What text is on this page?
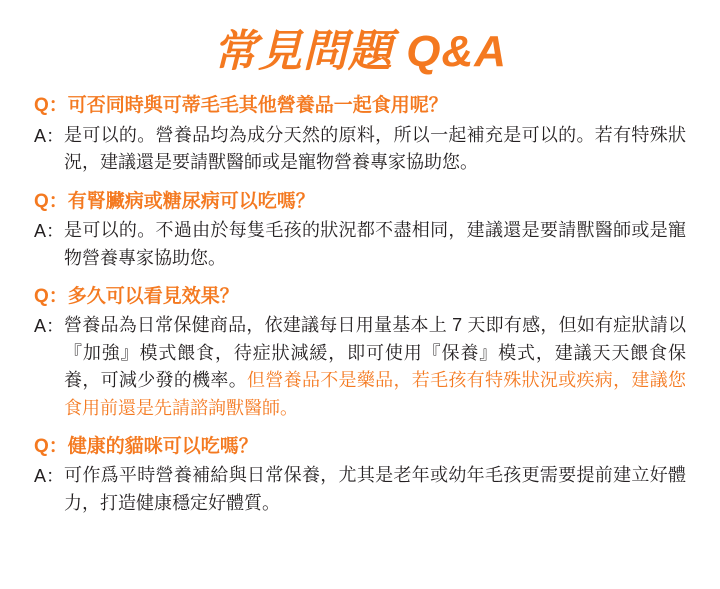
常見問題 Q&A
Q： 可否同時與可蒂毛毛其他營養品一起食用呢？
A： 是可以的。營養品均為成分天然的原料，所以一起補充是可以的。若有特殊狀況，建議還是要請獸醫師或是寵物營養專家協助您。
Q： 有腎臟病或糖尿病可以吃嗎？
A： 是可以的。不過由於每隻毛孩的狀況都不盡相同，建議還是要請獸醫師或是寵物營養專家協助您。
Q： 多久可以看見效果？
A： 營養品為日常保健商品，依建議每日用量基本上 7 天即有感，但如有症狀請以『加強』模式餵食，待症狀減緩，即可使用『保養』模式，建議天天餵食保養，可減少發的機率。但營養品不是藥品，若毛孩有特殊狀況或疾病，建議您食用前還是先請諮詢獸醫師。
Q： 健康的貓咪可以吃嗎？
A： 可作爲平時營養補給與日常保養，尤其是老年或幼年毛孩更需要提前建立好體力，打造健康穩定好體質。
